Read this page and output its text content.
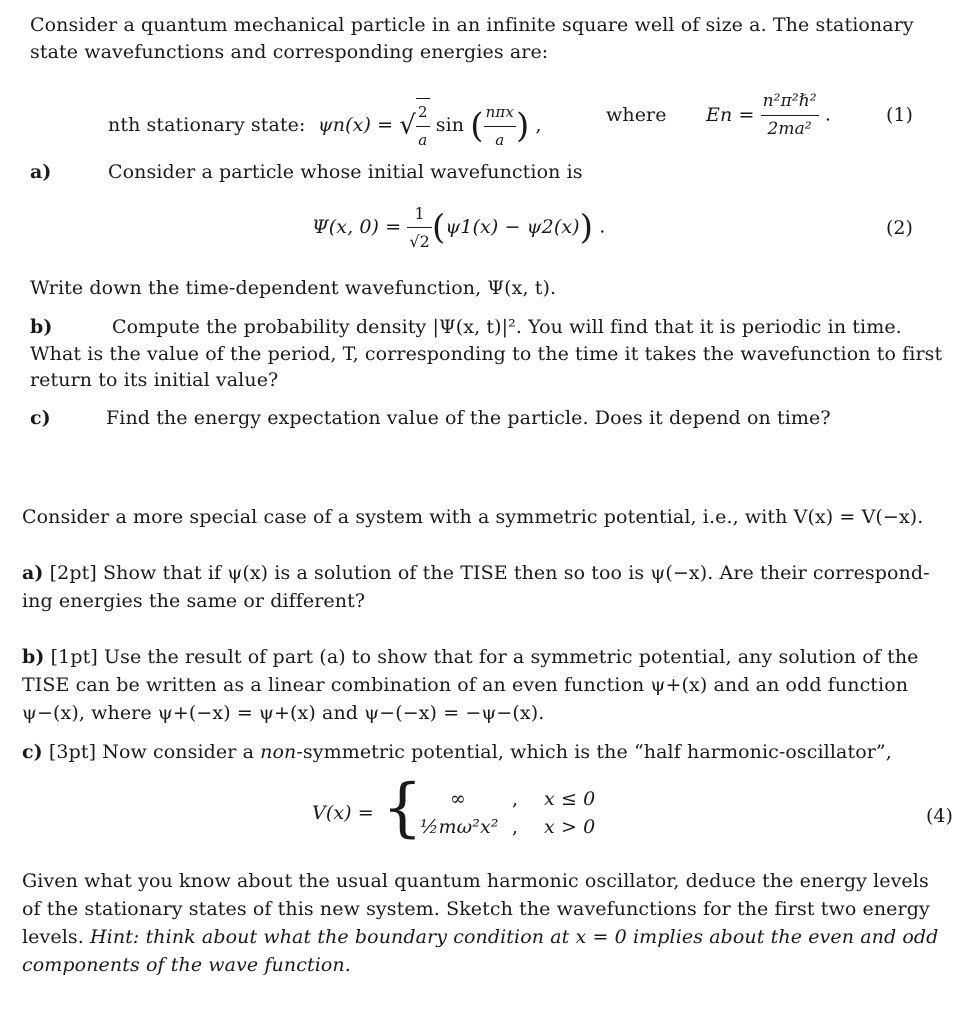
Consider a quantum mechanical particle in an infinite square well of size a. The stationary
state wavefunctions and corresponding energies are:
nth stationary state: ψn(x) = √ $\frac{2}{a}$ sin ( $\frac{\text{nπx}}{a}$ ) ,	where $En = \frac{\text{n²π²ℏ²}}{\text{2ma²}}$ .	(1)
a)	Consider a particle whose initial wavefunction is
Ψ(x, $0) = \frac{1}{√2} (\psi 1(x) - \psi 2(x))$ .	(2)
Write down the time-dependent wavefunction, Ψ(x, t).
b)	Compute the probability density |Ψ(x, t)|². You will find that it is periodic in time.
What is the value of the period, T, corresponding to the time it takes the wavefunction to first
return to its initial value?
c)	Find the energy expectation value of the particle. Does it depend on time?
Consider a more special case of a system with a symmetric potential, i.e., with V(x) = V(−x).
a) [2pt] Show that if ψ(x) is a solution of the TISE then so too is ψ(−x). Are their correspond-
ing energies the same or different?
b) [1pt] Use the result of part (a) to show that for a symmetric potential, any solution of the
TISE can be written as a linear combination of an even function ψ+(x) and an odd function
ψ−(x), where ψ+(−x) = ψ+(x) and ψ−(−x) = −ψ−(x).
c) [3pt] Now consider a non-symmetric potential, which is the “half harmonic-oscillator”,
V(x) = { ∞ , x ≤ 0
½mω²x² , x > 0	(4)
Given what you know about the usual quantum harmonic oscillator, deduce the energy levels
of the stationary states of this new system. Sketch the wavefunctions for the first two energy
levels. Hint: think about what the boundary condition at x = 0 implies about the even and odd
components of the wave function.
